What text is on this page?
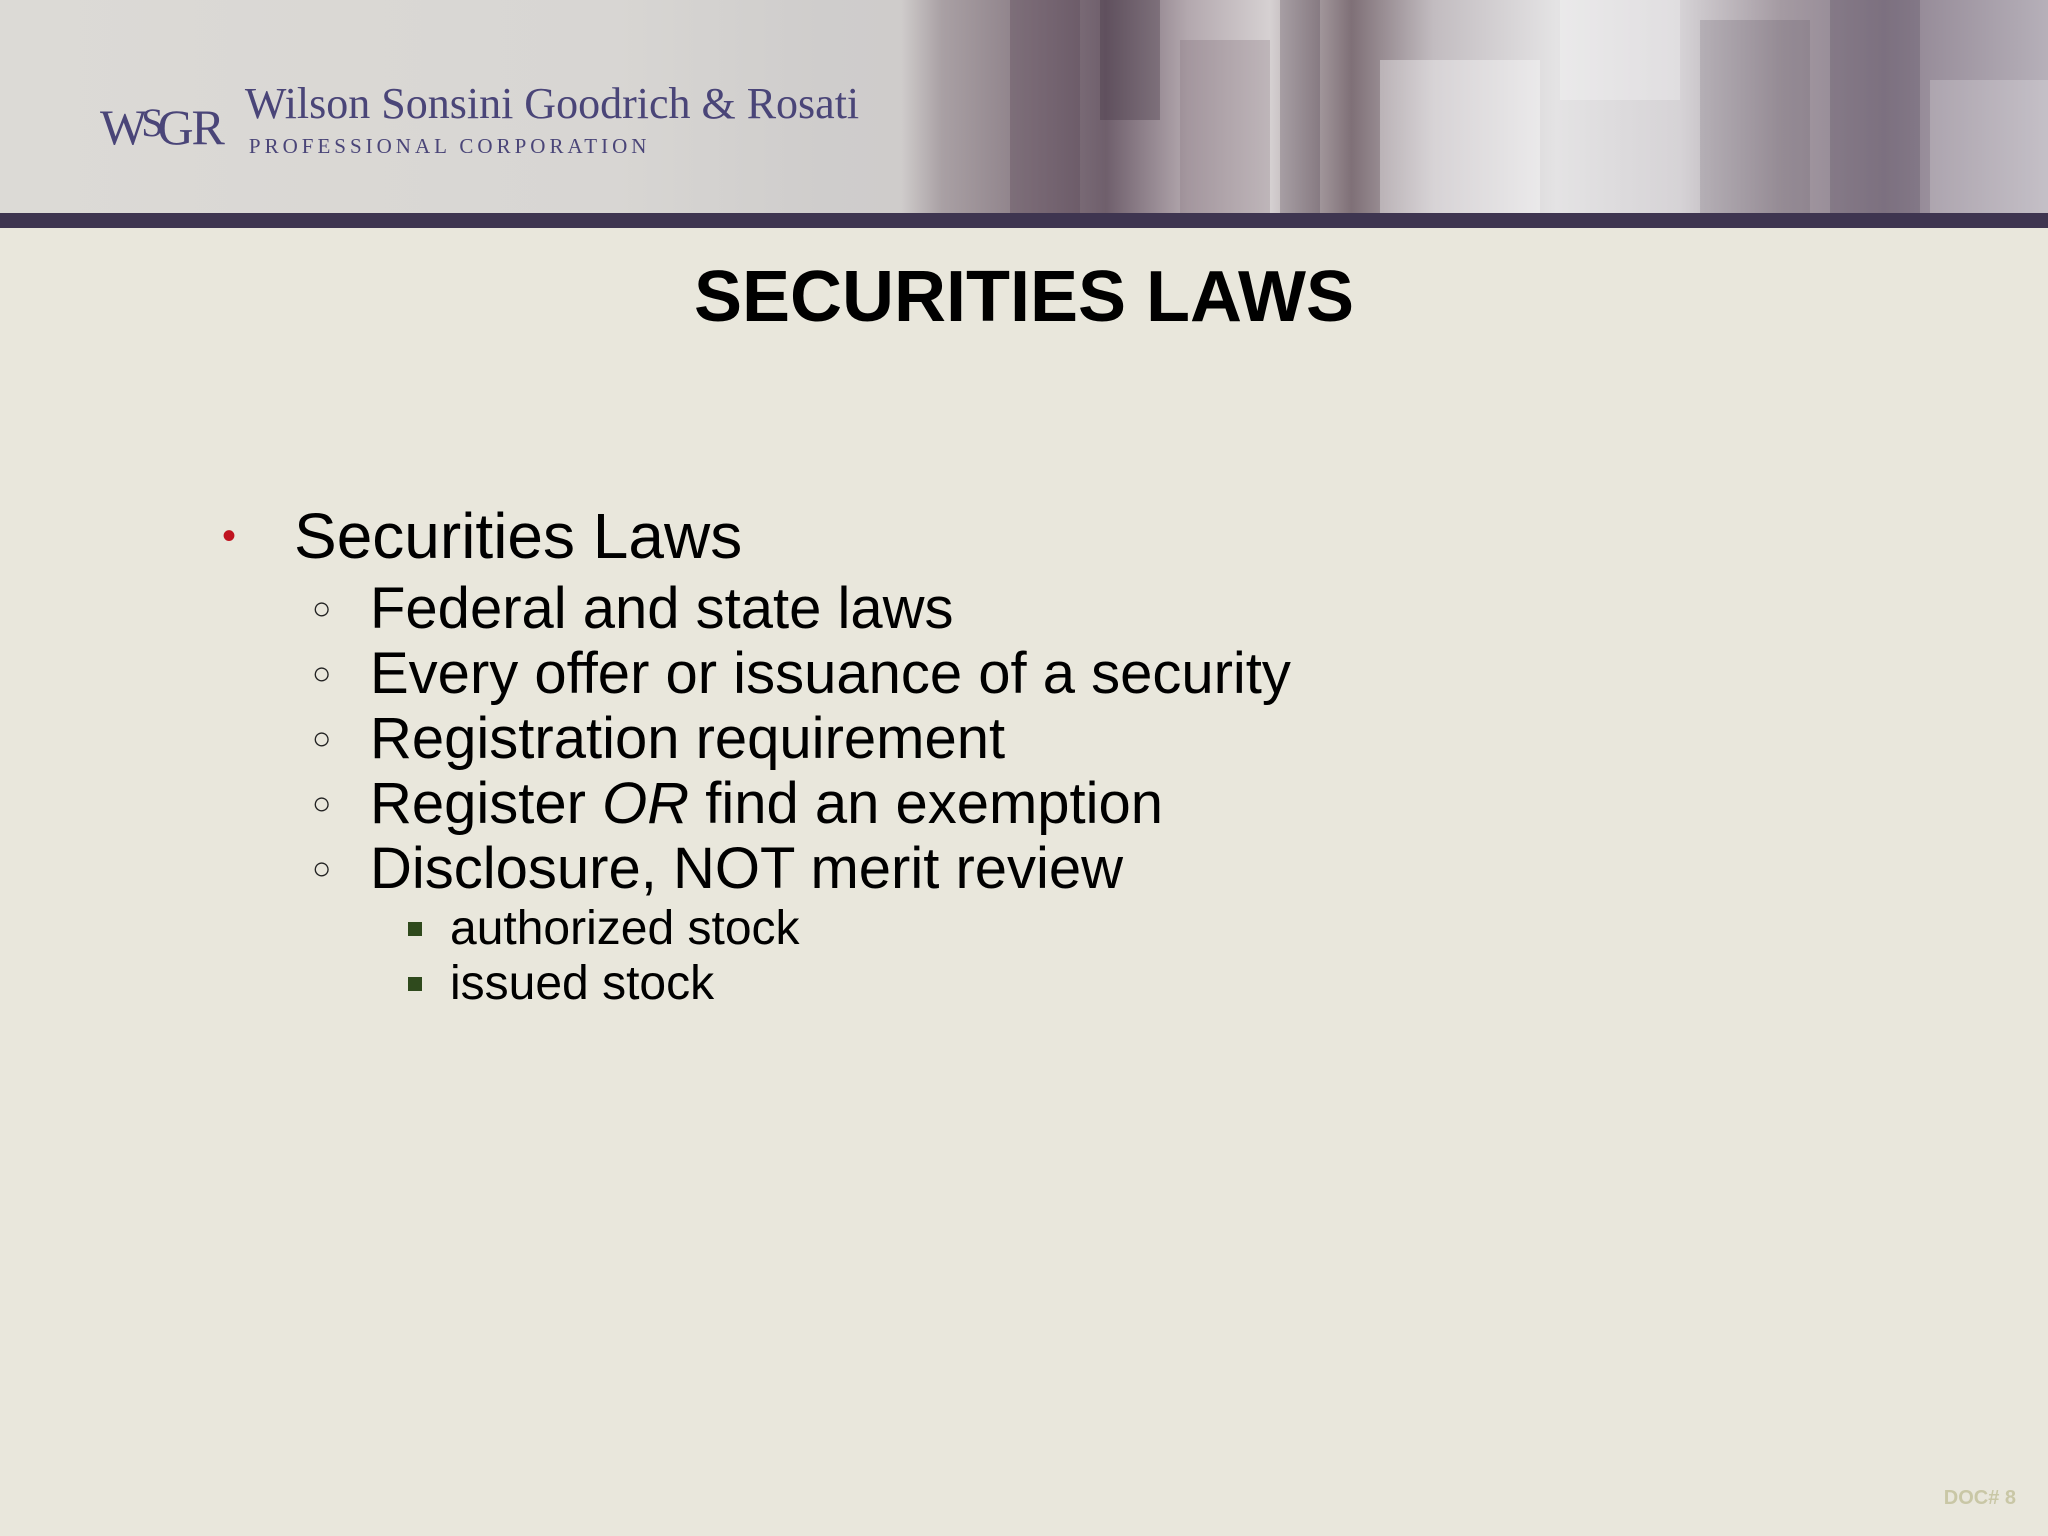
WSGR Wilson Sonsini Goodrich & Rosati
PROFESSIONAL CORPORATION
SECURITIES LAWS
• Securities Laws
○ Federal and state laws
○ Every offer or issuance of a security
○ Registration requirement
○ Register OR find an exemption
○ Disclosure, NOT merit review
authorized stock
issued stock
DOC# 8
